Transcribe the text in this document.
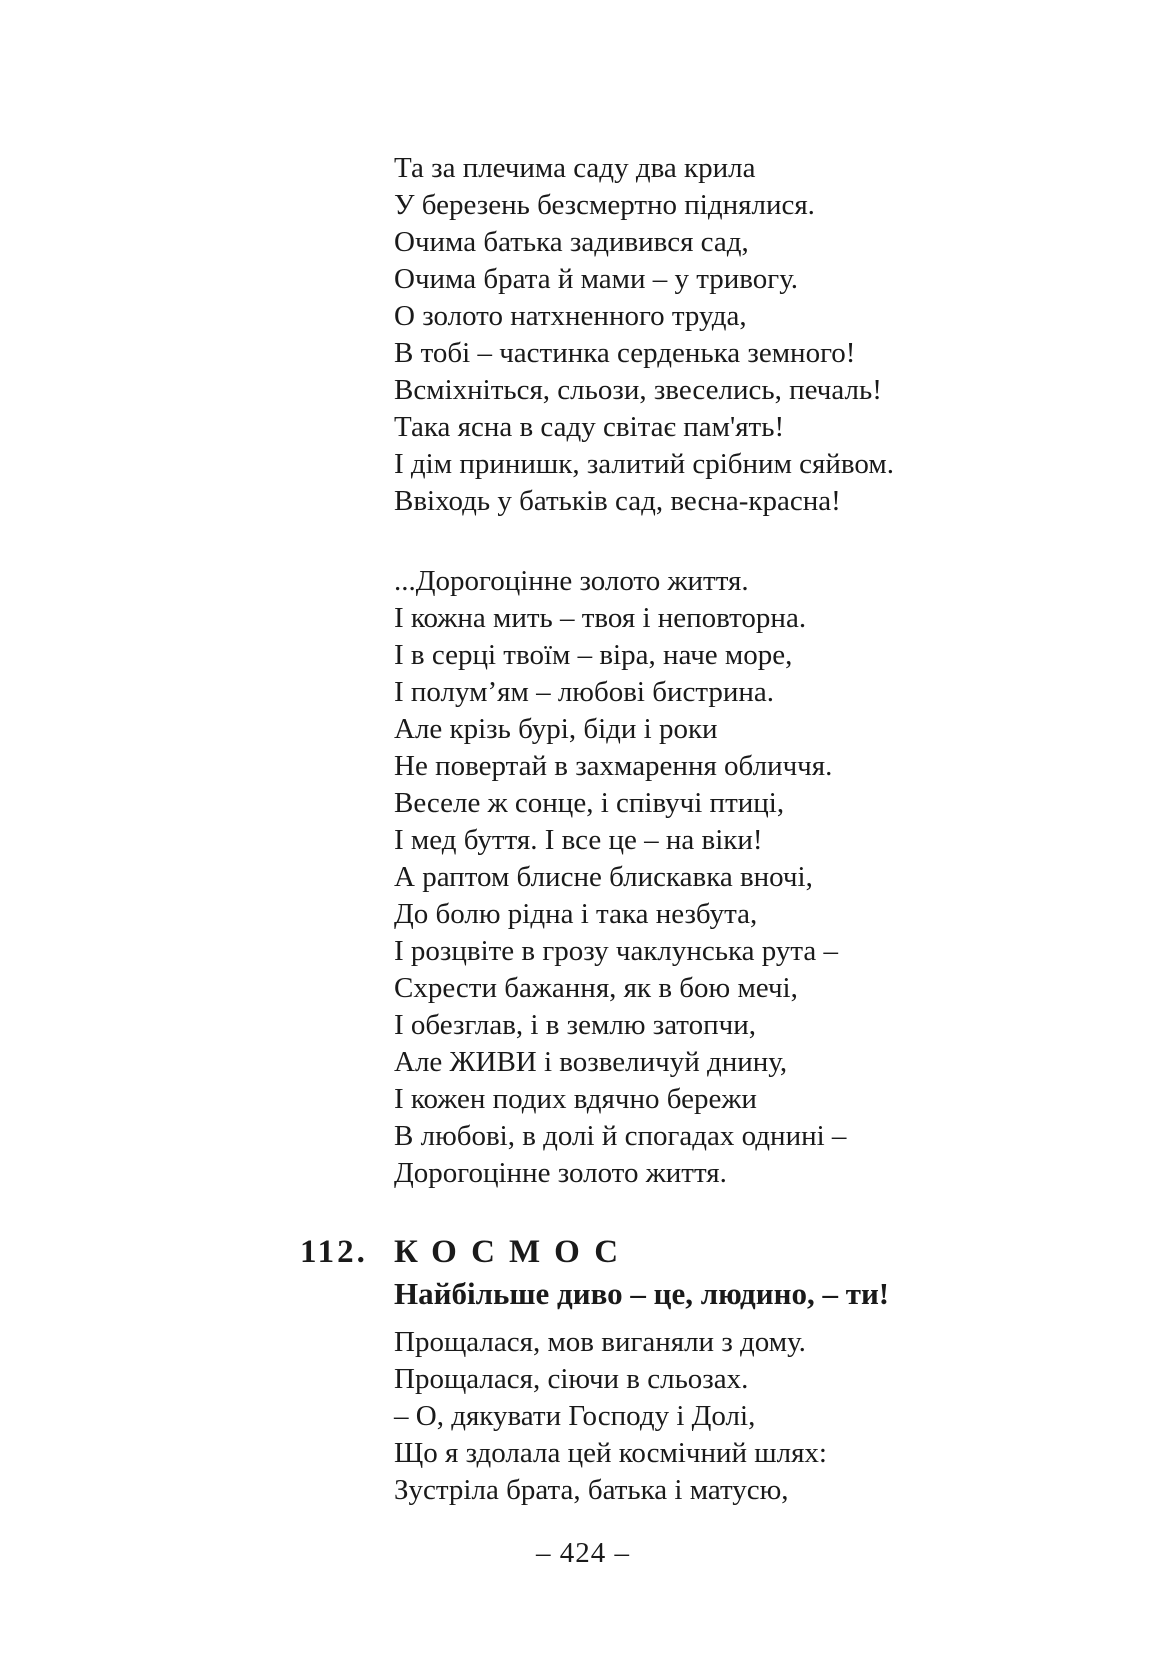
Та за плечима саду два крила
У березень безсмертно піднялися.
Очима батька задивився сад,
Очима брата й мами – у тривогу.
О золото натхненного труда,
В тобі – частинка серденька земного!
Всміхніться, сльози, звеселись, печаль!
Така ясна в саду світає пам'ять!
І дім принишк, залитий срібним сяйвом.
Ввіходь у батьків сад, весна-красна!
...Дорогоцінне золото життя.
І кожна мить – твоя і неповторна.
І в серці твоїм – віра, наче море,
І полум’ям – любові бистрина.
Але крізь бурі, біди і роки
Не повертай в захмарення обличчя.
Веселе ж сонце, і співучі птиці,
І мед буття. І все це – на віки!
А раптом блисне блискавка вночі,
До болю рідна і така незбута,
І розцвіте в грозу чаклунська рута –
Схрести бажання, як в бою мечі,
І обезглав, і в землю затопчи,
Але ЖИВИ і возвеличуй днину,
І кожен подих вдячно бережи
В любові, в долі й спогадах однині –
Дорогоцінне золото життя.
112. КОСМОС
Найбільше диво – це, людино, – ти!
Прощалася, мов виганяли з дому.
Прощалася, сіючи в сльозах.
– О, дякувати Господу і Долі,
Що я здолала цей космічний шлях:
Зустріла брата, батька і матусю,
– 424 –
